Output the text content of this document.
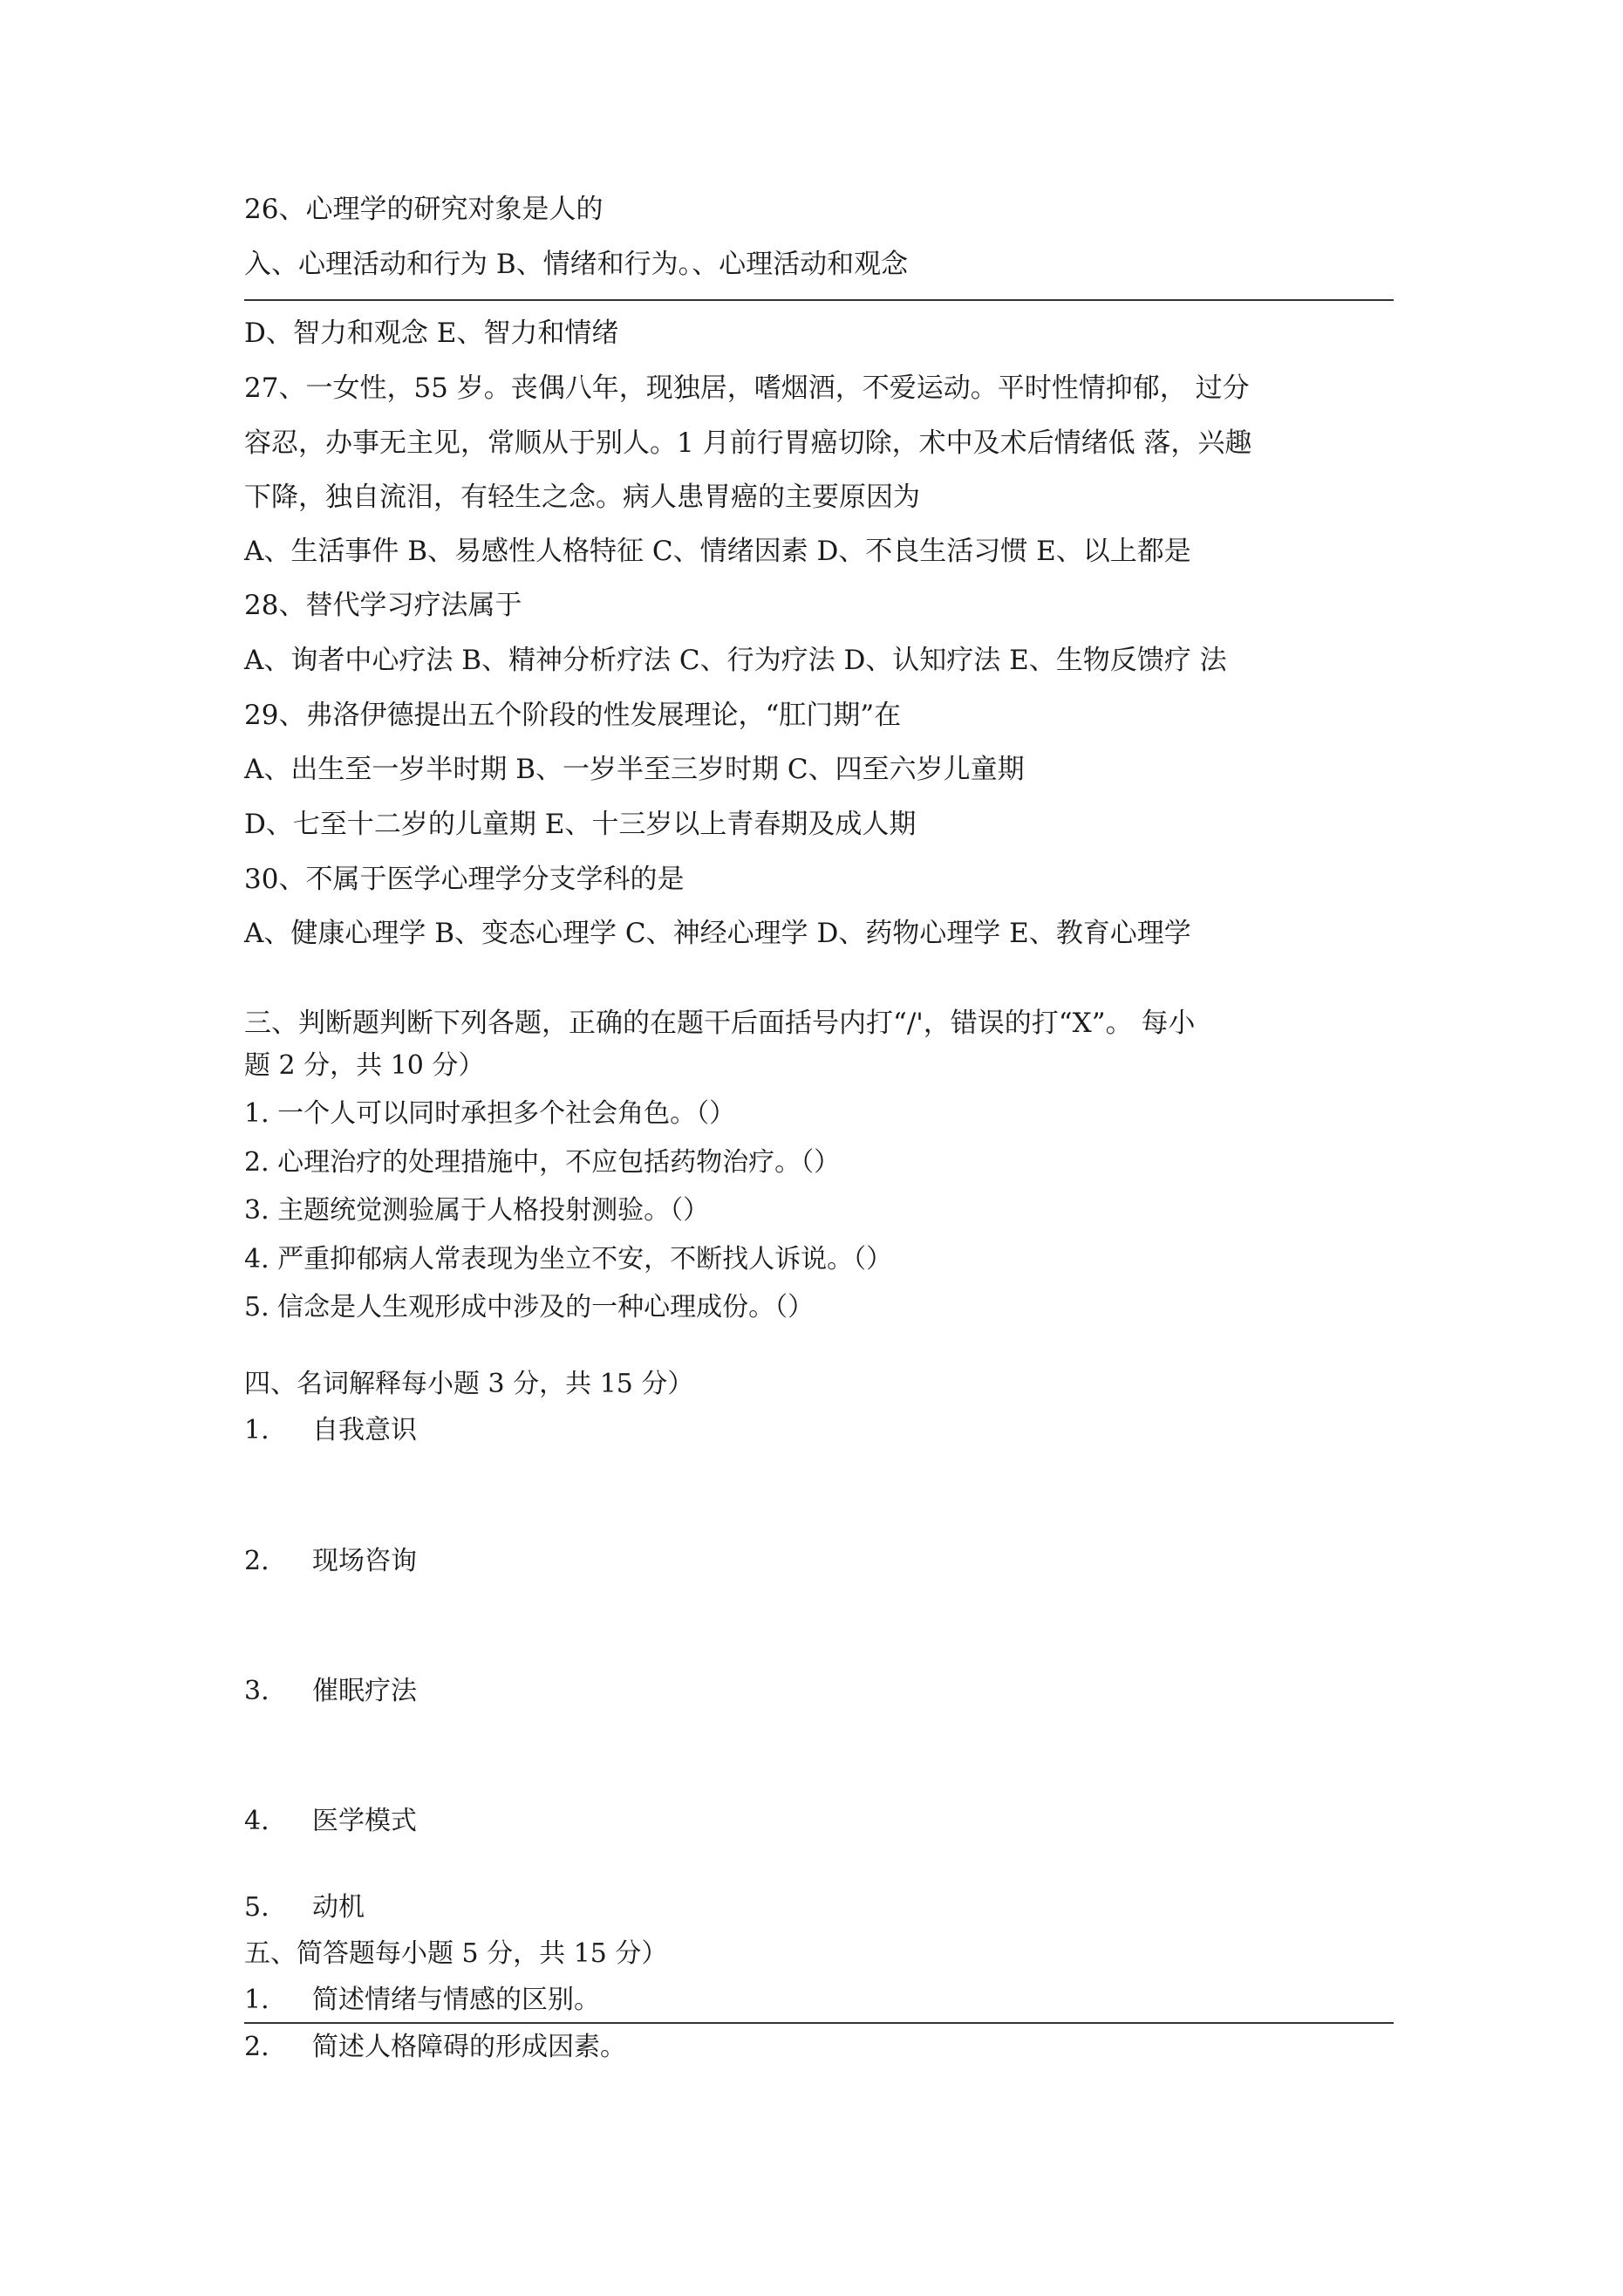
26、心理学的研究对象是人的
入、心理活动和行为 B、情绪和行为。、心理活动和观念
D、智力和观念 E、智力和情绪
27、一女性，55 岁。丧偶八年，现独居，嗜烟酒，不爱运动。平时性情抑郁， 过分
容忍，办事无主见，常顺从于别人。1 月前行胃癌切除，术中及术后情绪低 落，兴趣
下降，独自流泪，有轻生之念。病人患胃癌的主要原因为
A、生活事件 B、易感性人格特征 C、情绪因素 D、不良生活习惯 E、以上都是
28、替代学习疗法属于
A、询者中心疗法 B、精神分析疗法 C、行为疗法 D、认知疗法 E、生物反馈疗 法
29、弗洛伊德提出五个阶段的性发展理论，“肛门期”在
A、出生至一岁半时期 B、一岁半至三岁时期 C、四至六岁儿童期
D、七至十二岁的儿童期 E、十三岁以上青春期及成人期
30、不属于医学心理学分支学科的是
A、健康心理学 B、变态心理学 C、神经心理学 D、药物心理学 E、教育心理学
三、判断题判断下列各题，正确的在题干后面括号内打“/'，错误的打“X”。 每小
题 2 分，共 10 分）
1. 一个人可以同时承担多个社会角色。（）
2. 心理治疗的处理措施中，不应包括药物治疗。（）
3. 主题统觉测验属于人格投射测验。（）
4. 严重抑郁病人常表现为坐立不安，不断找人诉说。（）
5. 信念是人生观形成中涉及的一种心理成份。（）
四、名词解释每小题 3 分，共 15 分）
1. 自我意识
2. 现场咨询
3. 催眠疗法
4. 医学模式
5. 动机
五、简答题每小题 5 分，共 15 分）
1. 简述情绪与情感的区别。
2. 简述人格障碍的形成因素。
